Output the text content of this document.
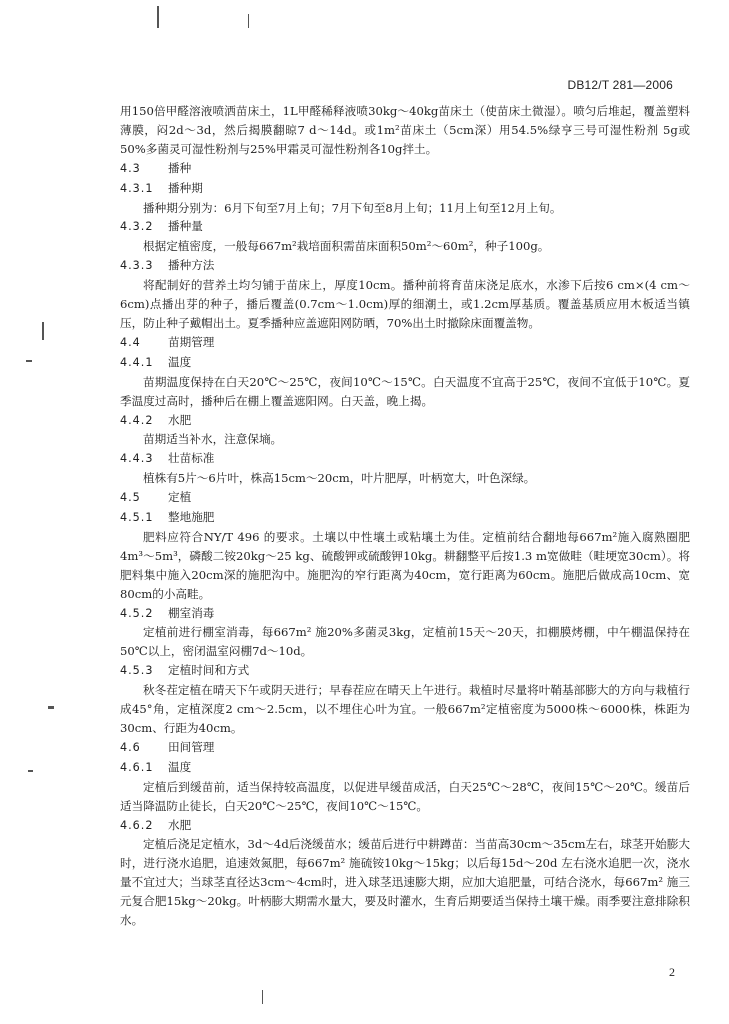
DB12/T 281—2006

用150倍甲醛溶液喷洒苗床土，1L甲醛稀释液喷30kg～40kg苗床土（使苗床土微湿）。喷匀后堆起，覆盖塑料薄膜，闷2d～3d，然后揭膜翻晾7 d～14d。或1m²苗床土（5cm深）用54.5%绿亨三号可湿性粉剂 5g或50%多菌灵可湿性粉剂与25%甲霜灵可湿性粉剂各10g拌土。

4.3 播种
4.3.1 播种期

播种期分别为：6月下旬至7月上旬；7月下旬至8月上旬；11月上旬至12月上旬。

4.3.2 播种量

根据定植密度，一般每667m²栽培面积需苗床面积50m²～60m²，种子100g。

4.3.3 播种方法

将配制好的营养土均匀铺于苗床上，厚度10cm。播种前将育苗床浇足底水，水渗下后按6 cm×(4 cm～6cm)点播出芽的种子，播后覆盖(0.7cm～1.0cm)厚的细潮土，或1.2cm厚基质。覆盖基质应用木板适当镇压，防止种子戴帽出土。夏季播种应盖遮阳网防晒，70%出土时撤除床面覆盖物。

4.4 苗期管理
4.4.1 温度

苗期温度保持在白天20℃～25℃，夜间10℃～15℃。白天温度不宜高于25℃，夜间不宜低于10℃。夏季温度过高时，播种后在棚上覆盖遮阳网。白天盖，晚上揭。

4.4.2 水肥

苗期适当补水，注意保墒。

4.4.3 壮苗标准

植株有5片～6片叶，株高15cm～20cm，叶片肥厚，叶柄宽大，叶色深绿。

4.5 定植
4.5.1 整地施肥

肥料应符合NY/T 496 的要求。土壤以中性壤土或粘壤土为佳。定植前结合翻地每667m²施入腐熟圈肥4m³～5m³，磷酸二铵20kg～25 kg、硫酸钾或硫酸钾10kg。耕翻整平后按1.3 m宽做畦（畦埂宽30cm）。将肥料集中施入20cm深的施肥沟中。施肥沟的窄行距离为40cm，宽行距离为60cm。施肥后做成高10cm、宽80cm的小高畦。

4.5.2 棚室消毒

定植前进行棚室消毒，每667m² 施20%多菌灵3kg，定植前15天～20天，扣棚膜烤棚，中午棚温保持在50℃以上，密闭温室闷棚7d～10d。

4.5.3 定植时间和方式

秋冬茬定植在晴天下午或阴天进行；早春茬应在晴天上午进行。栽植时尽量将叶鞘基部膨大的方向与栽植行成45°角，定植深度2 cm～2.5cm，以不埋住心叶为宜。一般667m²定植密度为5000株～6000株，株距为30cm、行距为40cm。

4.6 田间管理
4.6.1 温度

定植后到缓苗前，适当保持较高温度，以促进早缓苗成活，白天25℃～28℃，夜间15℃～20℃。缓苗后适当降温防止徒长，白天20℃～25℃，夜间10℃～15℃。

4.6.2 水肥

定植后浇足定植水，3d～4d后浇缓苗水；缓苗后进行中耕蹲苗：当苗高30cm～35cm左右，球茎开始膨大时，进行浇水追肥，追速效氮肥，每667m² 施硫铵10kg～15kg；以后每15d～20d 左右浇水追肥一次，浇水量不宜过大；当球茎直径达3cm～4cm时，进入球茎迅速膨大期，应加大追肥量，可结合浇水，每667m² 施三元复合肥15kg～20kg。叶柄膨大期需水量大，要及时灌水，生育后期要适当保持土壤干燥。雨季要注意排除积水。

2
